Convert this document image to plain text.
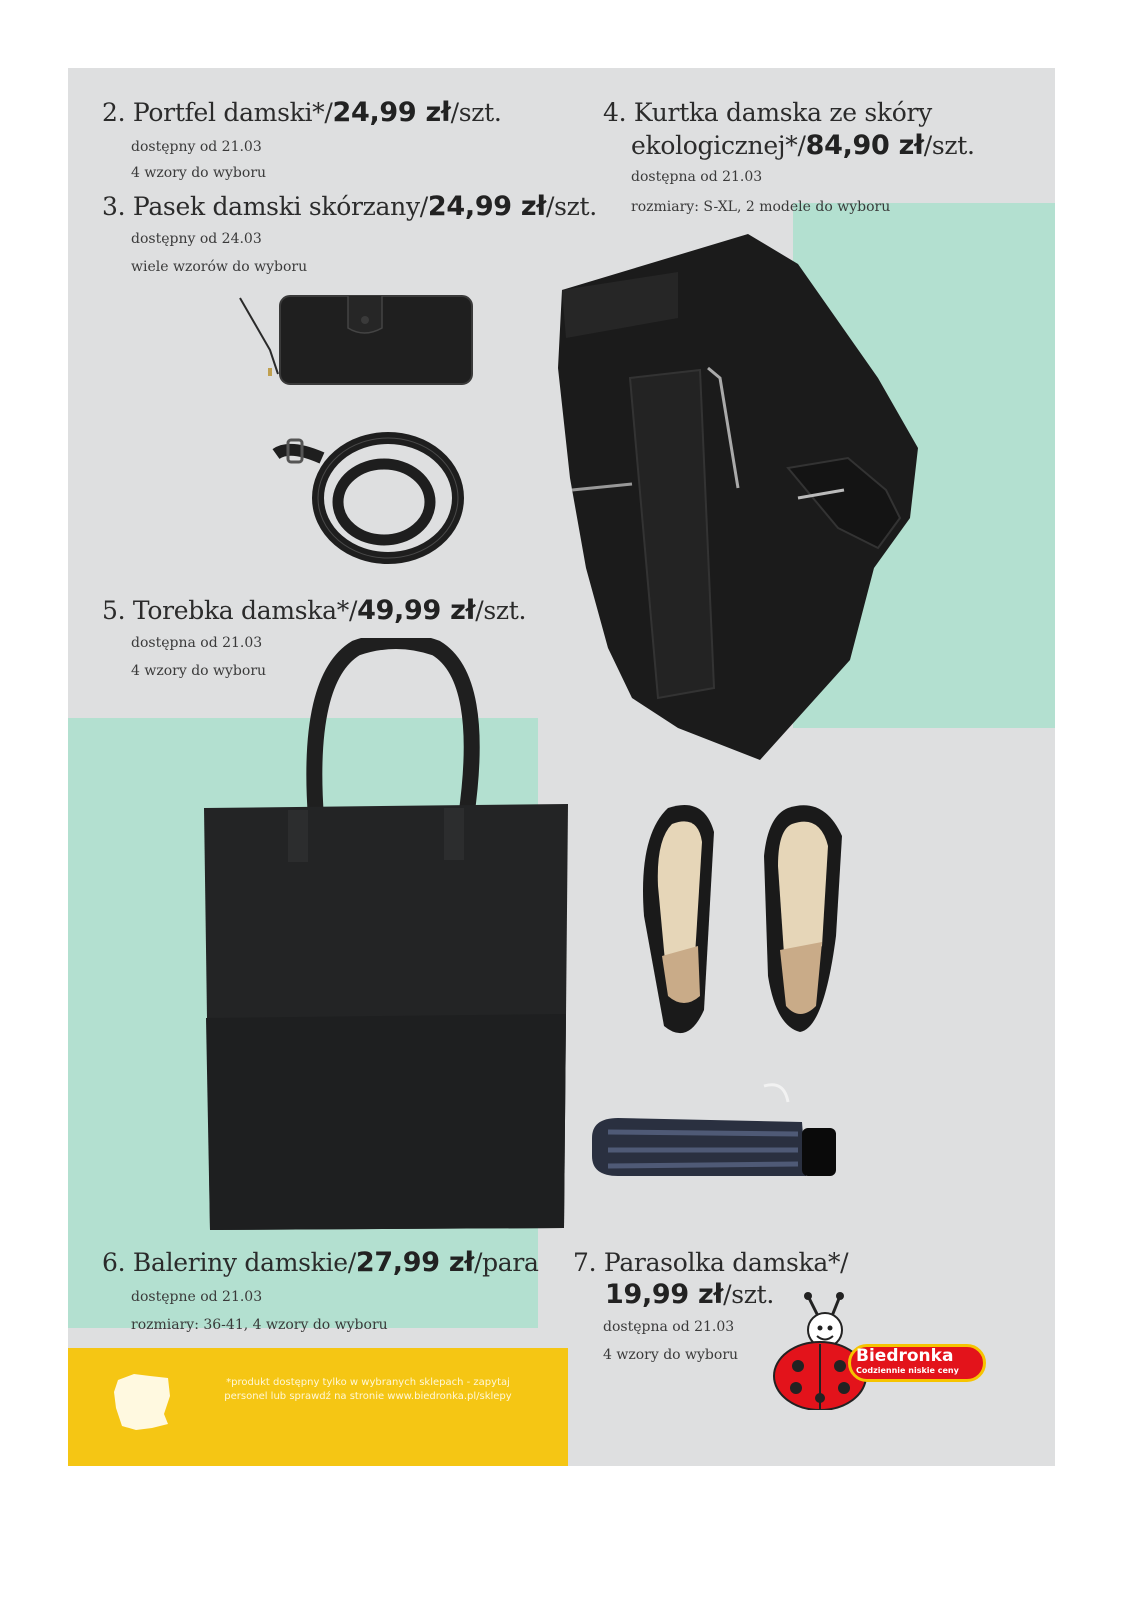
2. Portfel damski*/24,99 zł/szt.
dostępny od 21.03
4 wzory do wyboru
3. Pasek damski skórzany/24,99 zł/szt.
dostępny od 24.03
wiele wzorów do wyboru
4. Kurtka damska ze skóry
ekologicznej*/84,90 zł/szt.
dostępna od 21.03
rozmiary: S-XL, 2 modele do wyboru
5. Torebka damska*/49,99 zł/szt.
dostępna od 21.03
4 wzory do wyboru
6. Baleriny damskie/27,99 zł/para
dostępne od 21.03
rozmiary: 36-41, 4 wzory do wyboru
7. Parasolka damska*/
19,99 zł/szt.
dostępna od 21.03
4 wzory do wyboru
*produkt dostępny tylko w wybranych sklepach - zapytaj
personel lub sprawdź na stronie www.biedronka.pl/sklepy
Biedronka
Codziennie niskie ceny
